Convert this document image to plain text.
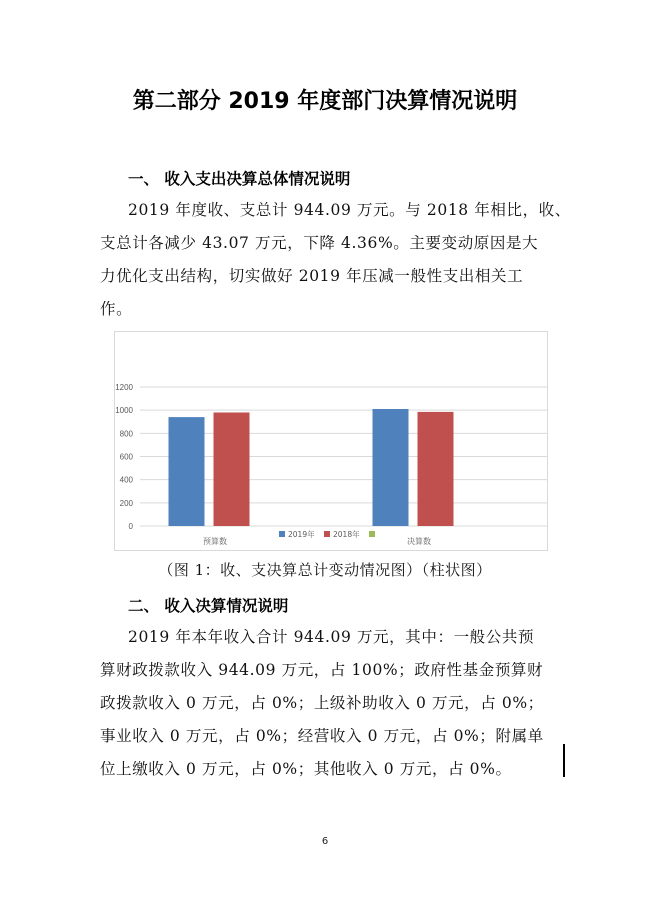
第二部分 2019 年度部门决算情况说明
一、 收入支出决算总体情况说明
2019 年度收、支总计 944.09 万元。与 2018 年相比，收、
支总计各减少 43.07 万元，下降 4.36%。主要变动原因是大
力优化支出结构，切实做好 2019 年压减一般性支出相关工
作。
0
200
400
600
800
1000
1200
预算数	决算数
2019年 2018年
（图 1：收、支决算总计变动情况图）（柱状图）
二、 收入决算情况说明
2019 年本年收入合计 944.09 万元，其中：一般公共预
算财政拨款收入 944.09 万元，占 100%；政府性基金预算财
政拨款收入 0 万元，占 0%；上级补助收入 0 万元，占 0%；
事业收入 0 万元，占 0%；经营收入 0 万元，占 0%；附属单
位上缴收入 0 万元，占 0%；其他收入 0 万元，占 0%。
6
